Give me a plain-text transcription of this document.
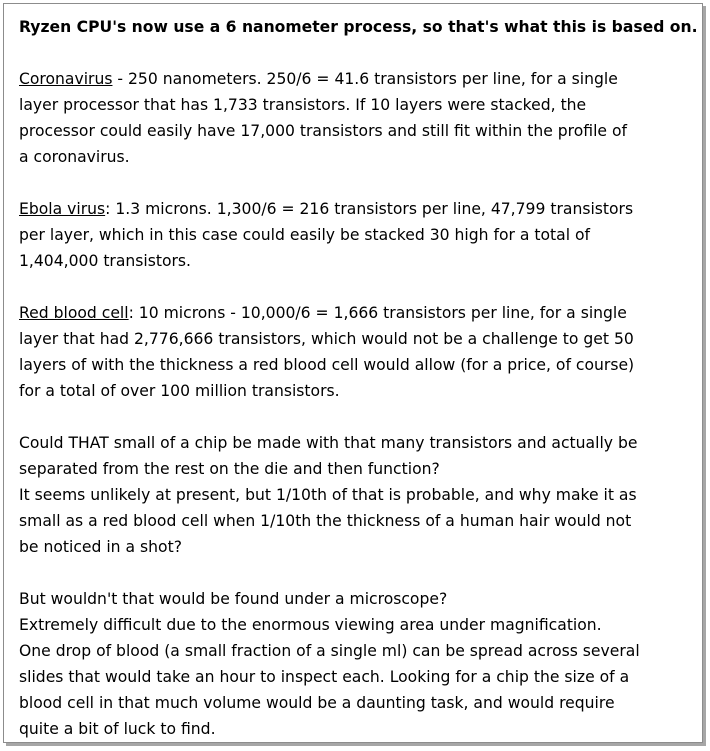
Ryzen CPU's now use a 6 nanometer process, so that's what this is based on.
Coronavirus - 250 nanometers. 250/6 = 41.6 transistors per line, for a single
layer processor that has 1,733 transistors. If 10 layers were stacked, the
processor could easily have 17,000 transistors and still fit within the profile of
a coronavirus.
Ebola virus: 1.3 microns. 1,300/6 = 216 transistors per line, 47,799 transistors
per layer, which in this case could easily be stacked 30 high for a total of
1,404,000 transistors.
Red blood cell: 10 microns - 10,000/6 = 1,666 transistors per line, for a single
layer that had 2,776,666 transistors, which would not be a challenge to get 50
layers of with the thickness a red blood cell would allow (for a price, of course)
for a total of over 100 million transistors.
Could THAT small of a chip be made with that many transistors and actually be
separated from the rest on the die and then function?
It seems unlikely at present, but 1/10th of that is probable, and why make it as
small as a red blood cell when 1/10th the thickness of a human hair would not
be noticed in a shot?
But wouldn't that would be found under a microscope?
Extremely difficult due to the enormous viewing area under magnification.
One drop of blood (a small fraction of a single ml) can be spread across several
slides that would take an hour to inspect each. Looking for a chip the size of a
blood cell in that much volume would be a daunting task, and would require
quite a bit of luck to find.
